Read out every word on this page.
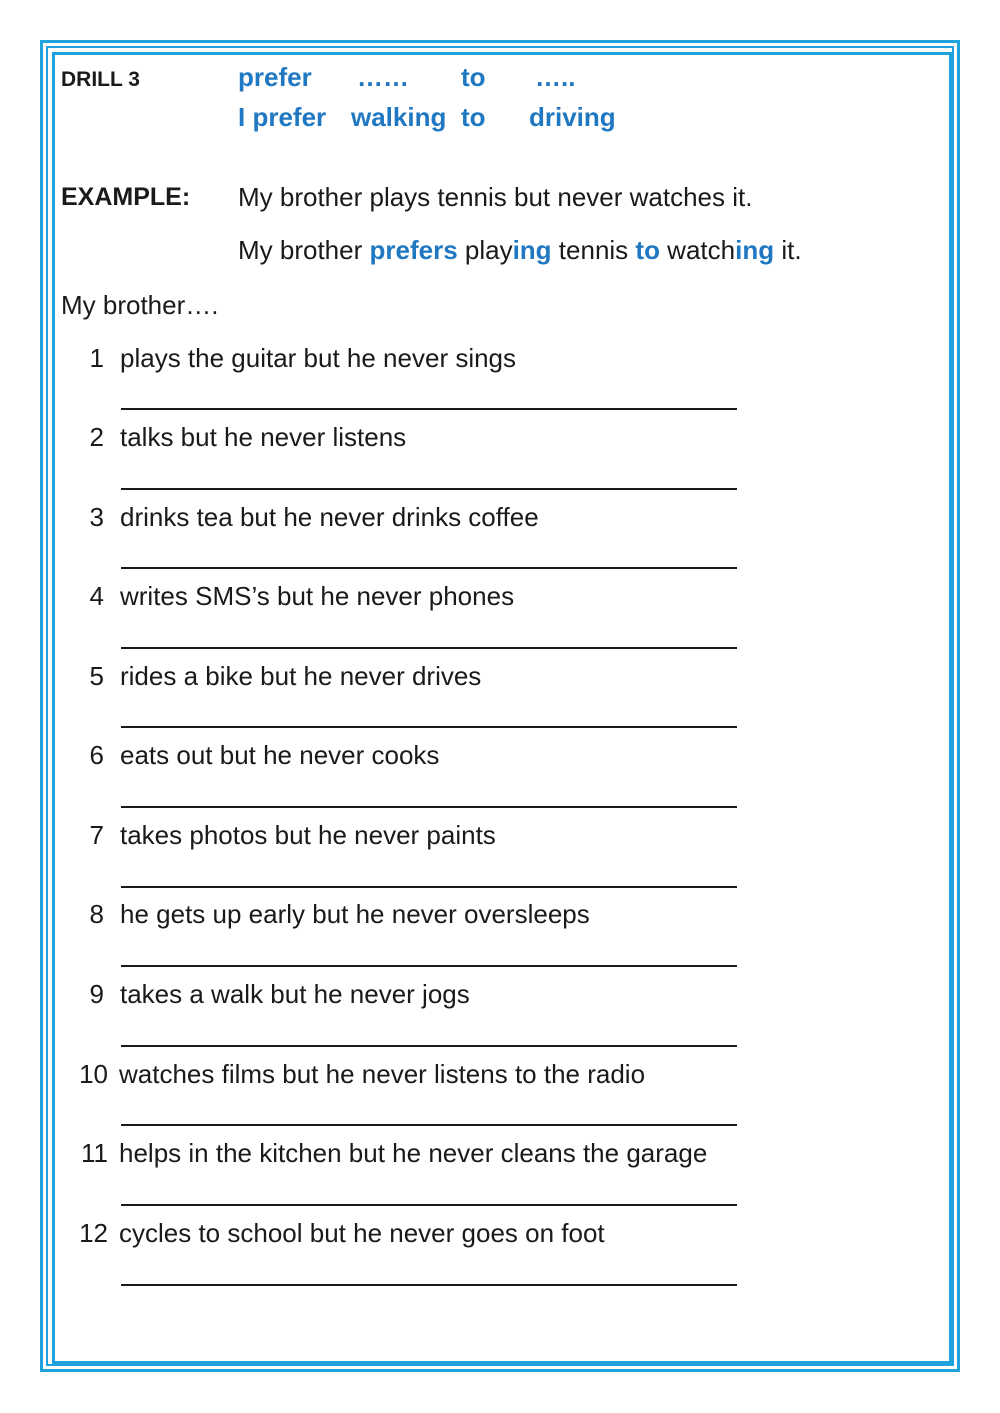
DRILL 3	prefer …… to …..
I prefer walking to driving
EXAMPLE: My brother plays tennis but never watches it.
My brother prefers playing tennis to watching it.
My brother….
1 plays the guitar but he never sings
2 talks but he never listens
3 drinks tea but he never drinks coffee
4 writes SMS’s but he never phones
5 rides a bike but he never drives
6 eats out but he never cooks
7 takes photos but he never paints
8 he gets up early but he never oversleeps
9 takes a walk but he never jogs
10 watches films but he never listens to the radio
11 helps in the kitchen but he never cleans the garage
12 cycles to school but he never goes on foot
